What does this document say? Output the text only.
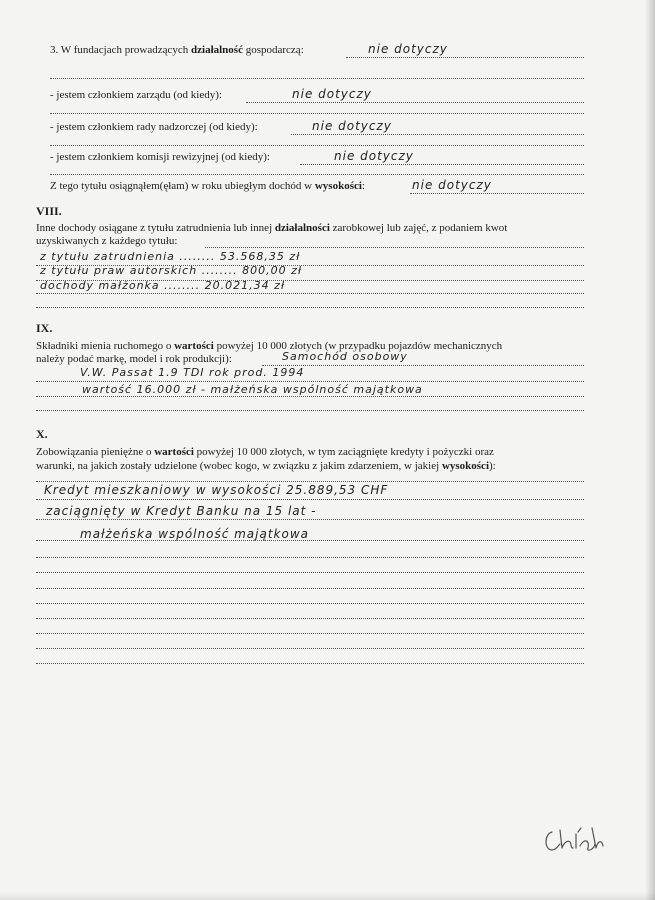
3. W fundacjach prowadzących działalność gospodarczą:	nie dotyczy
- jestem członkiem zarządu (od kiedy):	nie dotyczy
- jestem członkiem rady nadzorczej (od kiedy):	nie dotyczy
- jestem członkiem komisji rewizyjnej (od kiedy):	nie dotyczy
Z tego tytułu osiągnąłem(ęłam) w roku ubiegłym dochód w wysokości:	nie dotyczy
VIII.
Inne dochody osiągane z tytułu zatrudnienia lub innej działalności zarobkowej lub zajęć, z podaniem kwot
uzyskiwanych z każdego tytułu:
z tytułu zatrudnienia ........ 53.568,35 zł
z tytułu praw autorskich ........ 800,00 zł
dochody małżonka ........ 20.021,34 zł
IX.
Składniki mienia ruchomego o wartości powyżej 10 000 złotych (w przypadku pojazdów mechanicznych
należy podać markę, model i rok produkcji):	Samochód osobowy
V.W. Passat 1.9 TDI rok prod. 1994
wartość 16.000 zł - małżeńska wspólność majątkowa
X.
Zobowiązania pieniężne o wartości powyżej 10 000 złotych, w tym zaciągnięte kredyty i pożyczki oraz
warunki, na jakich zostały udzielone (wobec kogo, w związku z jakim zdarzeniem, w jakiej wysokości):
Kredyt mieszkaniowy w wysokości 25.889,53 CHF
zaciągnięty w Kredyt Banku na 15 lat -
małżeńska wspólność majątkowa
